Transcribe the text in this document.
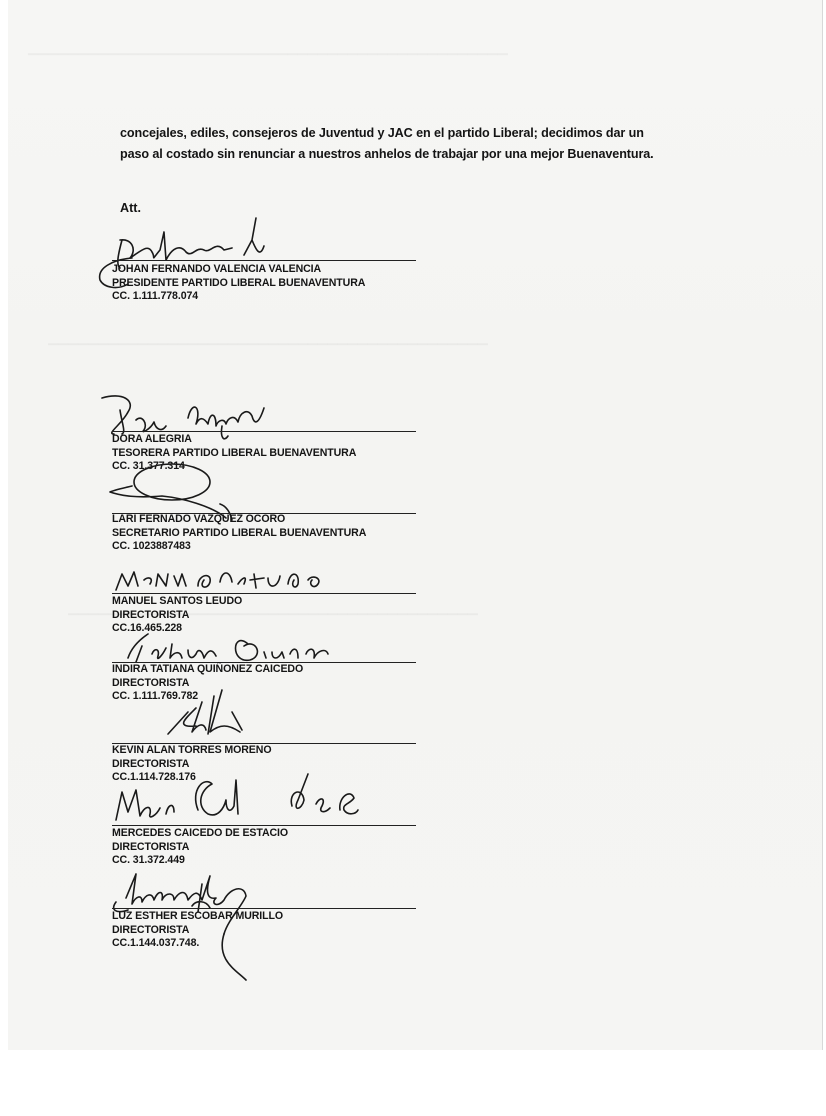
concejales, ediles, consejeros de Juventud y JAC en el partido Liberal; decidimos dar un
paso al costado sin renunciar a nuestros anhelos de trabajar por una mejor Buenaventura.
Att.
JOHAN FERNANDO VALENCIA VALENCIA
PRESIDENTE PARTIDO LIBERAL BUENAVENTURA
CC. 1.111.778.074
DORA ALEGRIA
TESORERA PARTIDO LIBERAL BUENAVENTURA
CC. 31.377.314
LARI FERNADO VAZQUEZ OCORO
SECRETARIO PARTIDO LIBERAL BUENAVENTURA
CC. 1023887483
MANUEL SANTOS LEUDO
DIRECTORISTA
CC.16.465.228
INDIRA TATIANA QUIÑONEZ CAICEDO
DIRECTORISTA
CC. 1.111.769.782
KEVIN ALAN TORRES MORENO
DIRECTORISTA
CC.1.114.728.176
MERCEDES CAICEDO DE ESTACIO
DIRECTORISTA
CC. 31.372.449
LUZ ESTHER ESCOBAR MURILLO
DIRECTORISTA
CC.1.144.037.748.
